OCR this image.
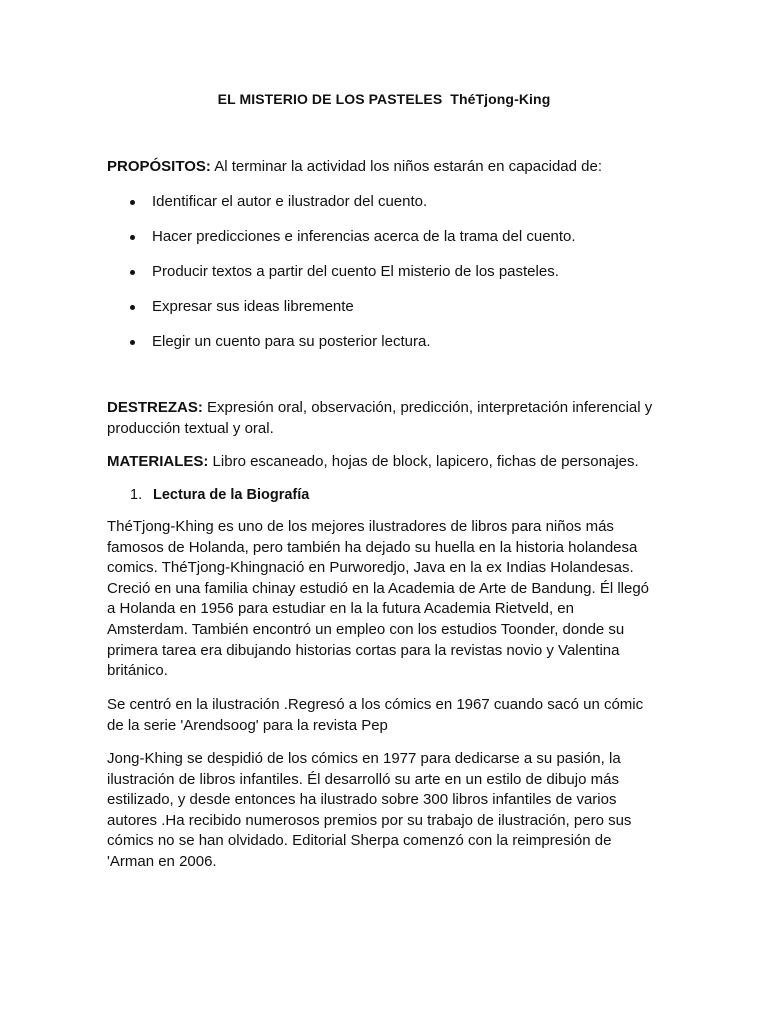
EL MISTERIO DE LOS PASTELES ThéTjong-King
PROPÓSITOS: Al terminar la actividad los niños estarán en capacidad de:
Identificar el autor e ilustrador del cuento.
Hacer predicciones e inferencias acerca de la trama del cuento.
Producir textos a partir del cuento El misterio de los pasteles.
Expresar sus ideas libremente
Elegir un cuento para su posterior lectura.
DESTREZAS: Expresión oral, observación, predicción, interpretación inferencial y
producción textual y oral.
MATERIALES: Libro escaneado, hojas de block, lapicero, fichas de personajes.
1. Lectura de la Biografía

ThéTjong-Khing es uno de los mejores ilustradores de libros para niños más
famosos de Holanda, pero también ha dejado su huella en la historia holandesa
comics. ThéTjong-Khingnació en Purworedjo, Java en la ex Indias Holandesas.
Creció en una familia chinay estudió en la Academia de Arte de Bandung. Él llegó
a Holanda en 1956 para estudiar en la la futura Academia Rietveld, en
Amsterdam. También encontró un empleo con los estudios Toonder, donde su
primera tarea era dibujando historias cortas para la revistas novio y Valentina
británico.

Se centró en la ilustración .Regresó a los cómics en 1967 cuando sacó un cómic
de la serie 'Arendsoog' para la revista Pep

Jong-Khing se despidió de los cómics en 1977 para dedicarse a su pasión, la
ilustración de libros infantiles. Él desarrolló su arte en un estilo de dibujo más
estilizado, y desde entonces ha ilustrado sobre 300 libros infantiles de varios
autores .Ha recibido numerosos premios por su trabajo de ilustración, pero sus
cómics no se han olvidado. Editorial Sherpa comenzó con la reimpresión de
'Arman en 2006.
